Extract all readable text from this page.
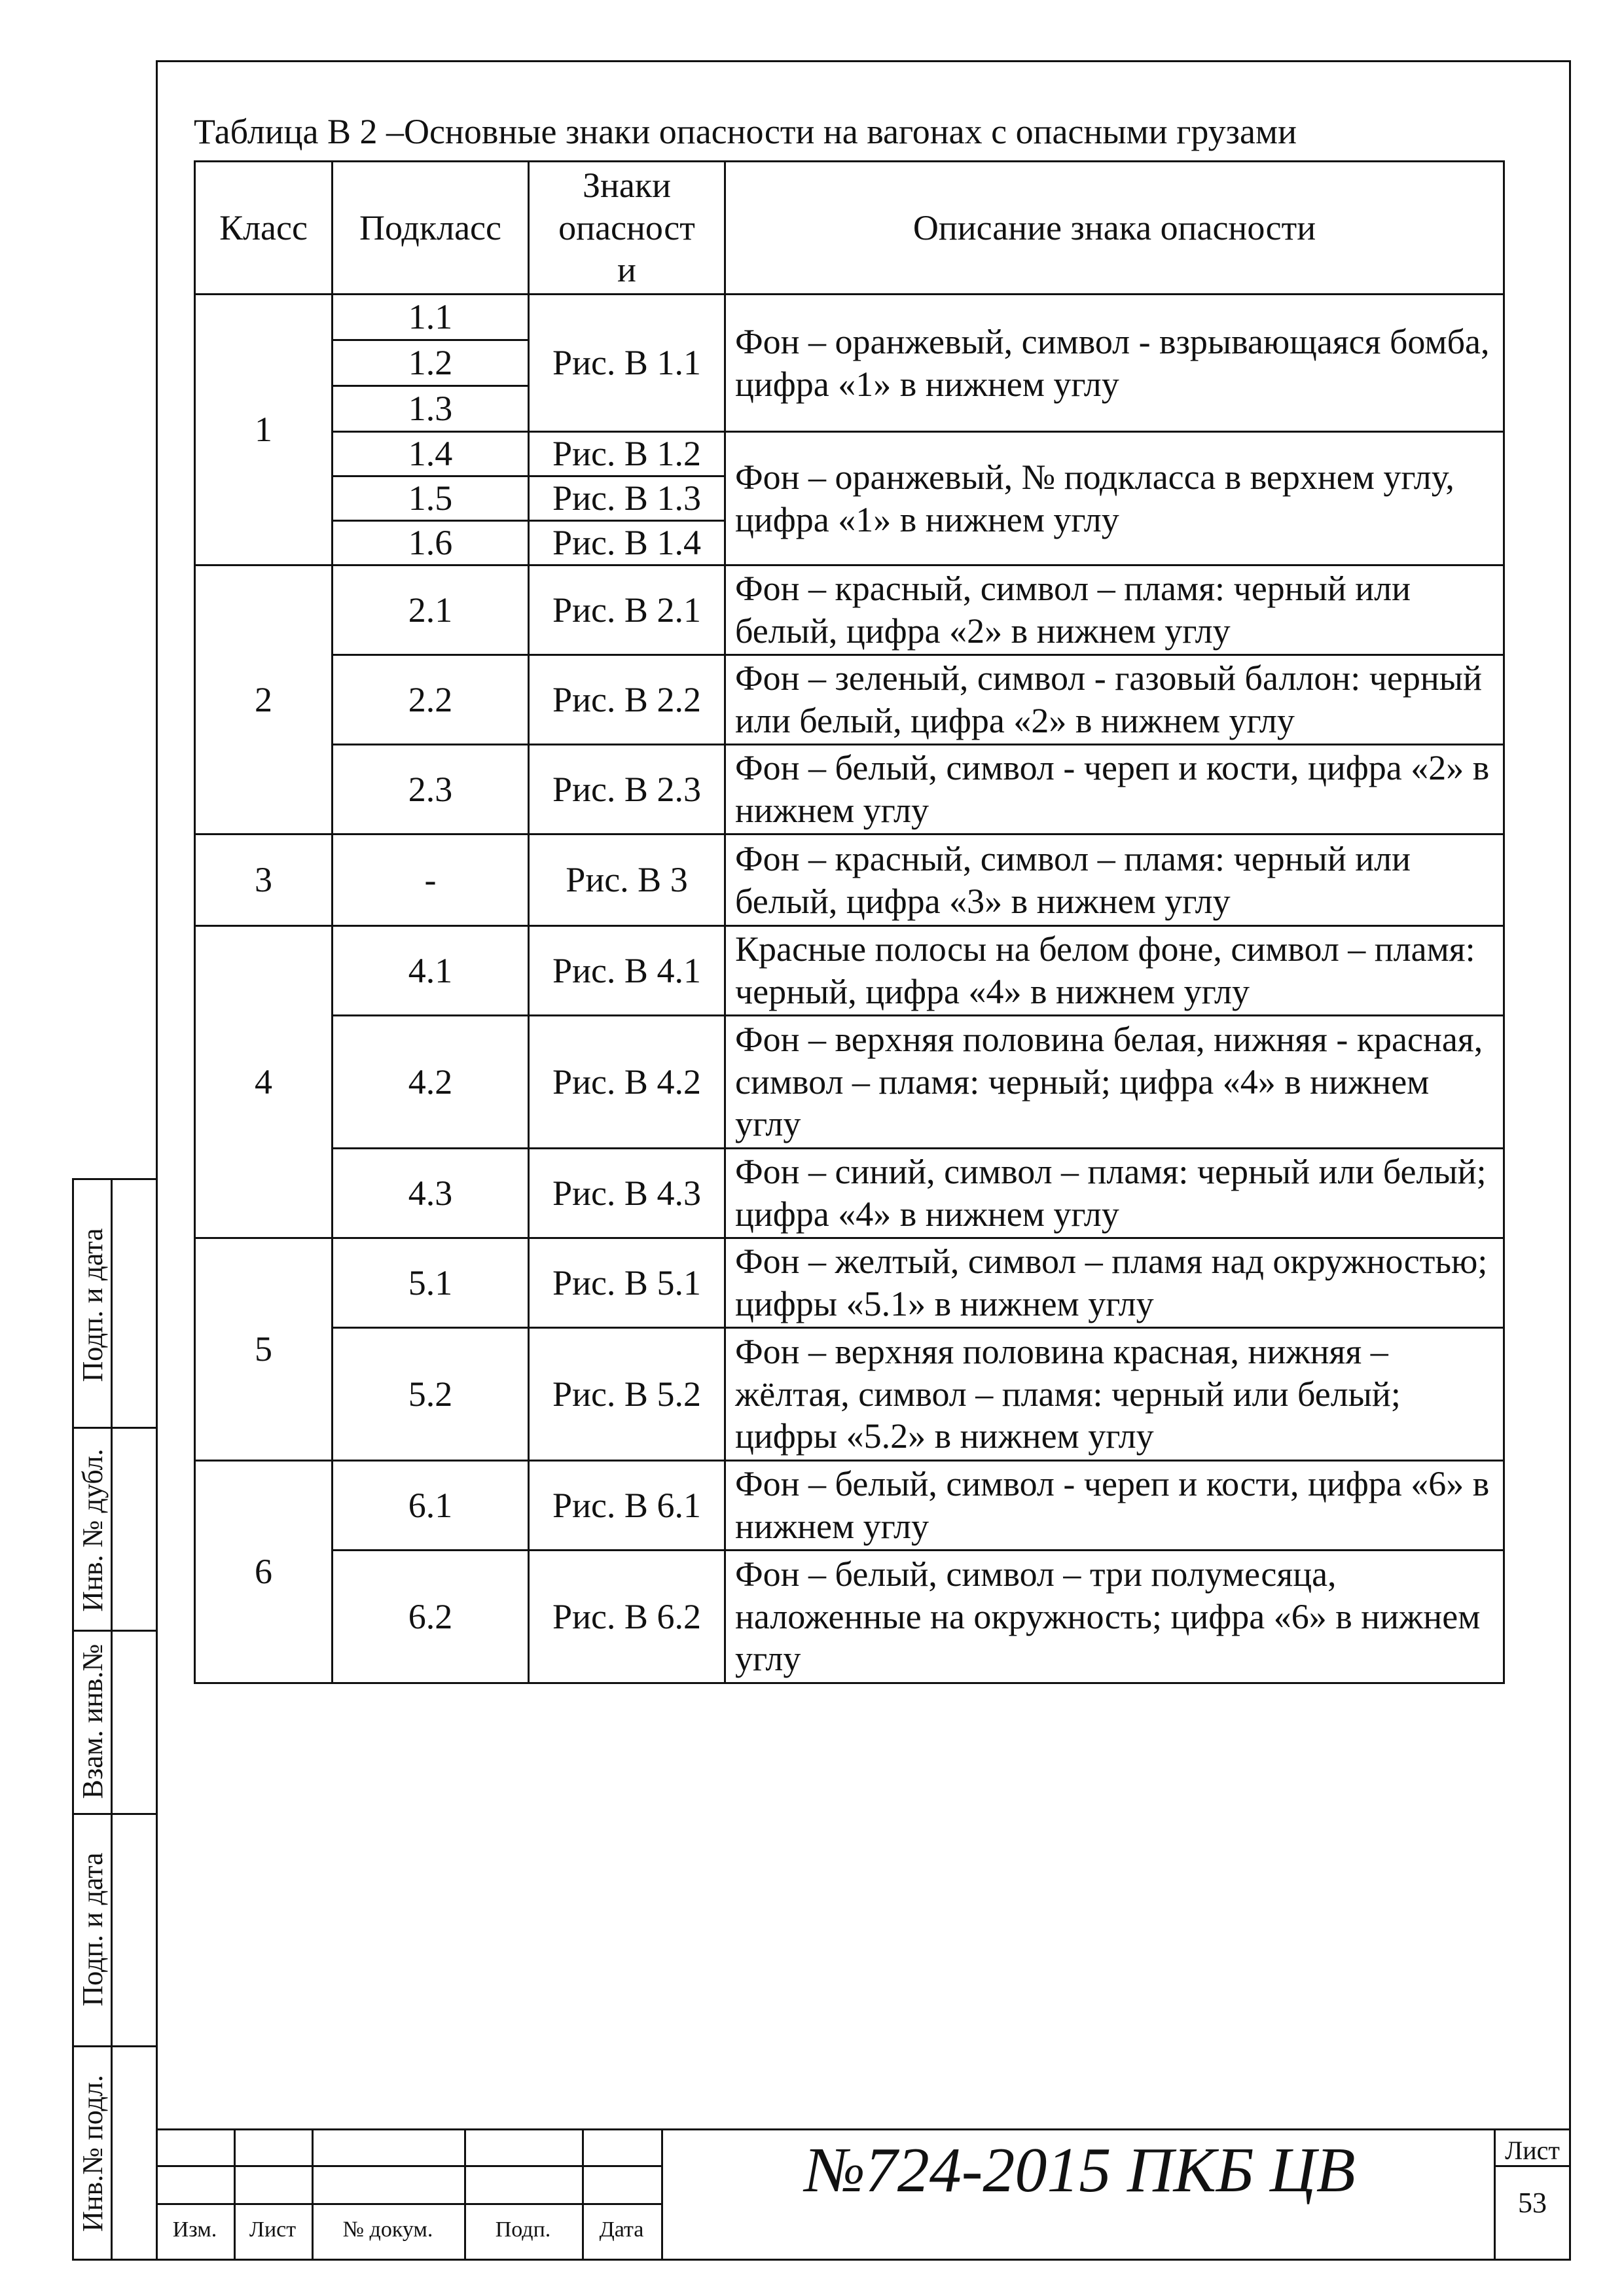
Подп. и дата
Инв. № дубл.
Взам. инв.№
Подп. и дата
Инв.№ подл.
Таблица В 2 –Основные знаки опасности на вагонах с опасными грузами
Класс	Подкласс	Знаки опасност и	Описание знака опасности
1	1.1	Рис. В 1.1	Фон – оранжевый, символ - взрывающаяся бомба, цифра «1» в нижнем углу
	1.2		
	1.3		
	1.4	Рис. В 1.2	Фон – оранжевый, № подкласса в верхнем углу, цифра «1» в нижнем углу
	1.5	Рис. В 1.3	
	1.6	Рис. В 1.4	
2	2.1	Рис. В 2.1	Фон – красный, символ – пламя: черный или белый, цифра «2» в нижнем углу
	2.2	Рис. В 2.2	Фон – зеленый, символ - газовый баллон: черный или белый, цифра «2» в нижнем углу
	2.3	Рис. В 2.3	Фон – белый, символ - череп и кости, цифра «2» в нижнем углу
3	-	Рис. В 3	Фон – красный, символ – пламя: черный или белый, цифра «3» в нижнем углу
4	4.1	Рис. В 4.1	Красные полосы на белом фоне, символ – пламя: черный, цифра «4» в нижнем углу
	4.2	Рис. В 4.2	Фон – верхняя половина белая, нижняя - красная, символ – пламя: черный; цифра «4» в нижнем углу
	4.3	Рис. В 4.3	Фон – синий, символ – пламя: черный или белый; цифра «4» в нижнем углу
5	5.1	Рис. В 5.1	Фон – желтый, символ – пламя над окружностью; цифры «5.1» в нижнем углу
	5.2	Рис. В 5.2	Фон – верхняя половина красная, нижняя – жёлтая, символ – пламя: черный или белый; цифры «5.2» в нижнем углу
6	6.1	Рис. В 6.1	Фон – белый, символ - череп и кости, цифра «6» в нижнем углу
	6.2	Рис. В 6.2	Фон – белый, символ – три полумесяца, наложенные на окружность; цифра «6» в нижнем углу
Изм.	Лист	№ докум.	Подп.	Дата
№724-2015 ПКБ ЦВ	Лист
53
